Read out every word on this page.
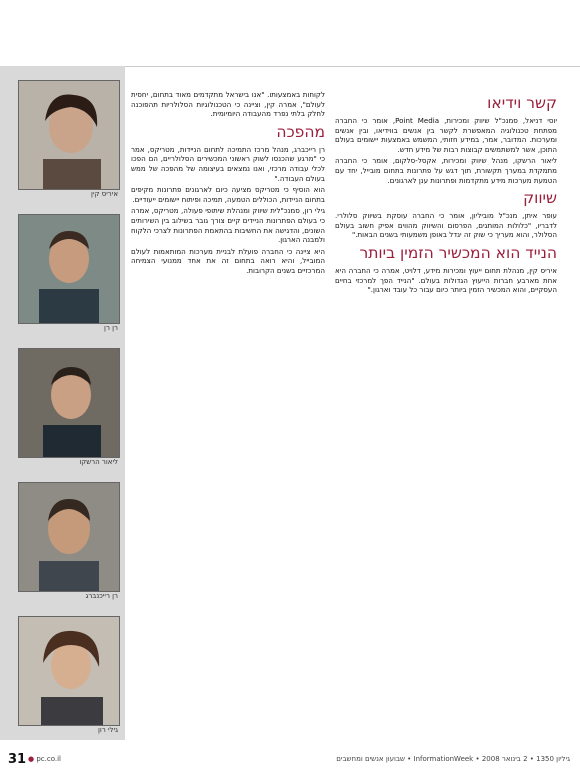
קשר וידיאו

יוסי דניאל, סמנכ"ל שיווק ומכירות, Point Media, אומר כי החברה מפתחת טכנולוגיה המאפשרת לקשר בין אנשים בווידיאו, ובין אנשים ומערכות. המדובר, אמר, במידע חזותי, המשמש באמצעות יישומים בעולם התוכן, אשר למשתמשים קבוצות רבות של מידע חדש.

ליאור הרשקו, מנהל שיווק ומכירות, אקסל-סלקום, אומר כי החברה מתמקדת במערך תקשורת, תוך דגש על פתרונות בתחום מובייל, יחד עם הטמעת מערכות מידע מתקדמות ופתרונות ענן לארגונים.

שיווק

עופר איתן, מנכ"ל מוביליון, אומר כי החברה עוסקת בשיווק סלולרי. לדבריו, "כלולות המותגים, הפרסום והשיווק מהווים אפיק חשוב בעולם הסלולר, והוא מעריך כי שוק זה יגדל באופן משמעותי בשנים הבאות."

הנייד הוא המכשיר הזמין ביותר

איריס קין, מנהלת תחום ייעוץ ומכירות מידע, דלויט, אמרה כי החברה היא אחת מארבע חברות הייעוץ הגדולות בעולם. "הנייד הפך למרכזי בחיים העסקיים, והוא המכשיר הזמין ביותר כיום עבור כל עובד וארגון."

לקוחות באמצעותו. "אנו בישראל מתקדמים מאוד בתחום, יחסית לעולם", אמרה קין, וציינה כי הטכנולוגיות הסלולריות תהפוכנה לחלק בלתי נפרד מהעבודה היומיומית.

מהפכה

רן רייכברג, מנהל מרכז התמיכה לתחום הניידות, מטריקס, אמר כי "מרגע שהכנסו לשוק ראשוני המכשירים הסלולריים, הם הפכו לכלי עבודה מרכזי, ואנו נמצאים בעיצומה של מהפכה של ממש בעולם העבודה."

הוא הוסיף כי מטריקס מציעה כיום לארגונים פתרונות מקיפים בתחום הניידות, הכוללים הטמעה, תמיכה ופיתוח יישומים ייעודיים.

גילי רון, סמנכ"לית שיווק ומנהלת שיתופי פעולה, מטריקס, אמרה כי בעולם הפתרונות הניידים קיים צורך גובר בשילוב בין השירותים השונים, והדגישה את החשיבות בהתאמת הפתרונות לצרכי הלקוח ולמבנה הארגון.

היא ציינה כי החברה פועלת לבניית מערכות המותאמות לעולם המובייל, והיא רואה בתחום זה את אחד ממנועי הצמיחה המרכזיים בשנים הקרובות.

איריס קין
רן רן
ליאור הרשקו
רן רייכנברג
גילי רון
31 ● pc.co.il	גיליון 1350 • 2 בינואר 2008 • InformationWeek • שבועון אנשים ומחשבים
